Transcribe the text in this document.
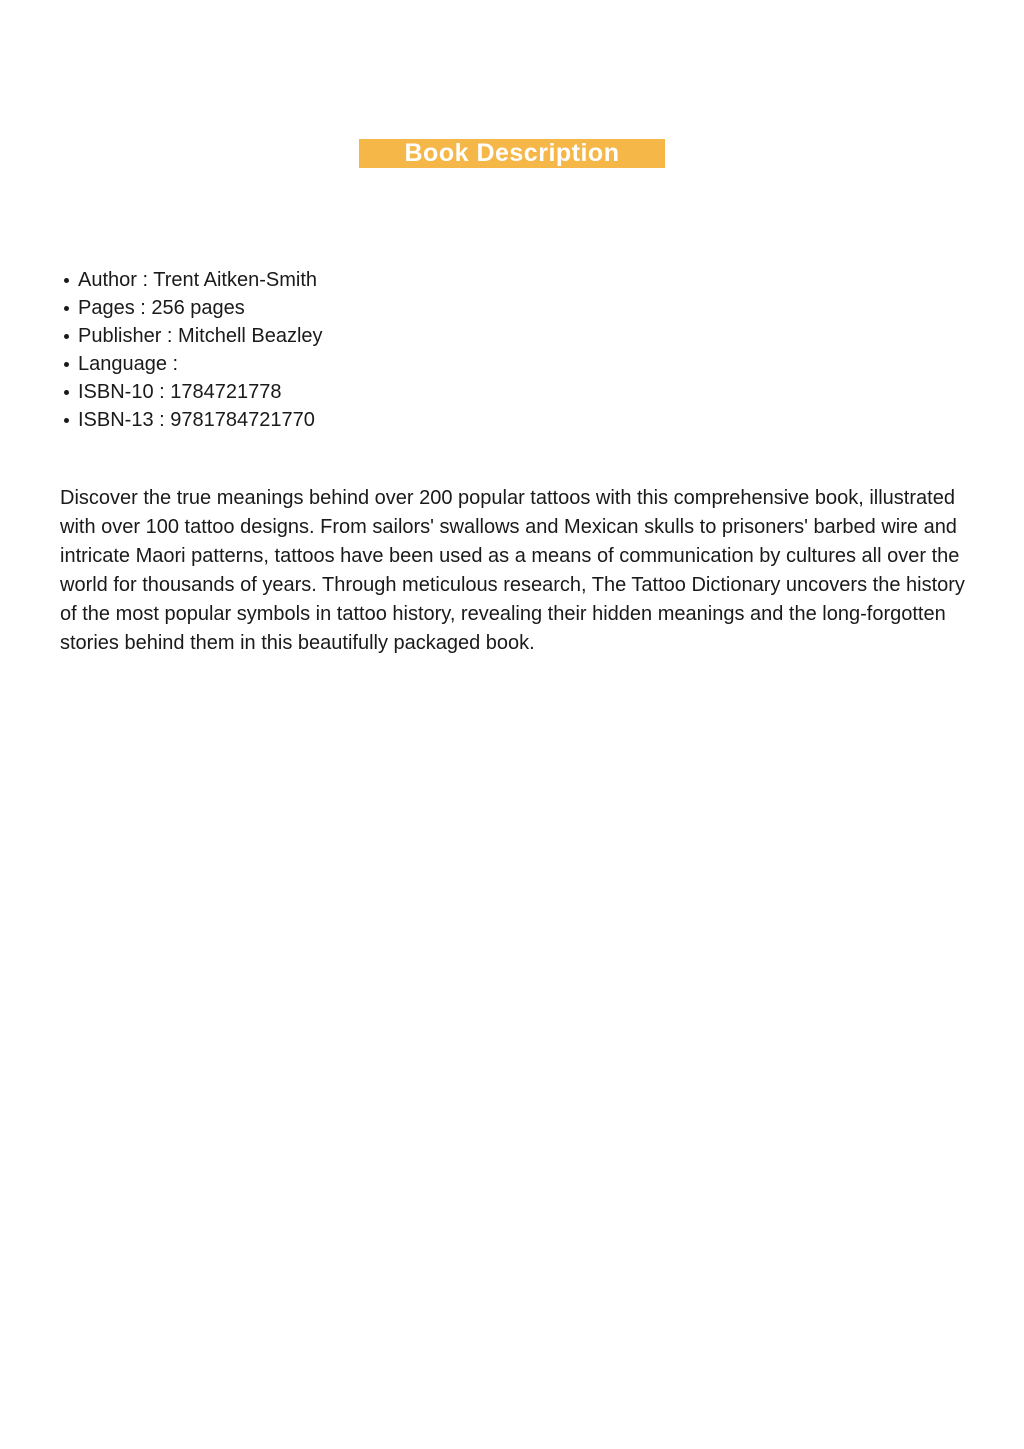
Book Description
Author : Trent Aitken-Smith
Pages : 256 pages
Publisher : Mitchell Beazley
Language :
ISBN-10 : 1784721778
ISBN-13 : 9781784721770

Discover the true meanings behind over 200 popular tattoos with this comprehensive book, illustrated with over 100 tattoo designs. From sailors' swallows and Mexican skulls to prisoners' barbed wire and intricate Maori patterns, tattoos have been used as a means of communication by cultures all over the world for thousands of years. Through meticulous research, The Tattoo Dictionary uncovers the history of the most popular symbols in tattoo history, revealing their hidden meanings and the long-forgotten stories behind them in this beautifully packaged book.
